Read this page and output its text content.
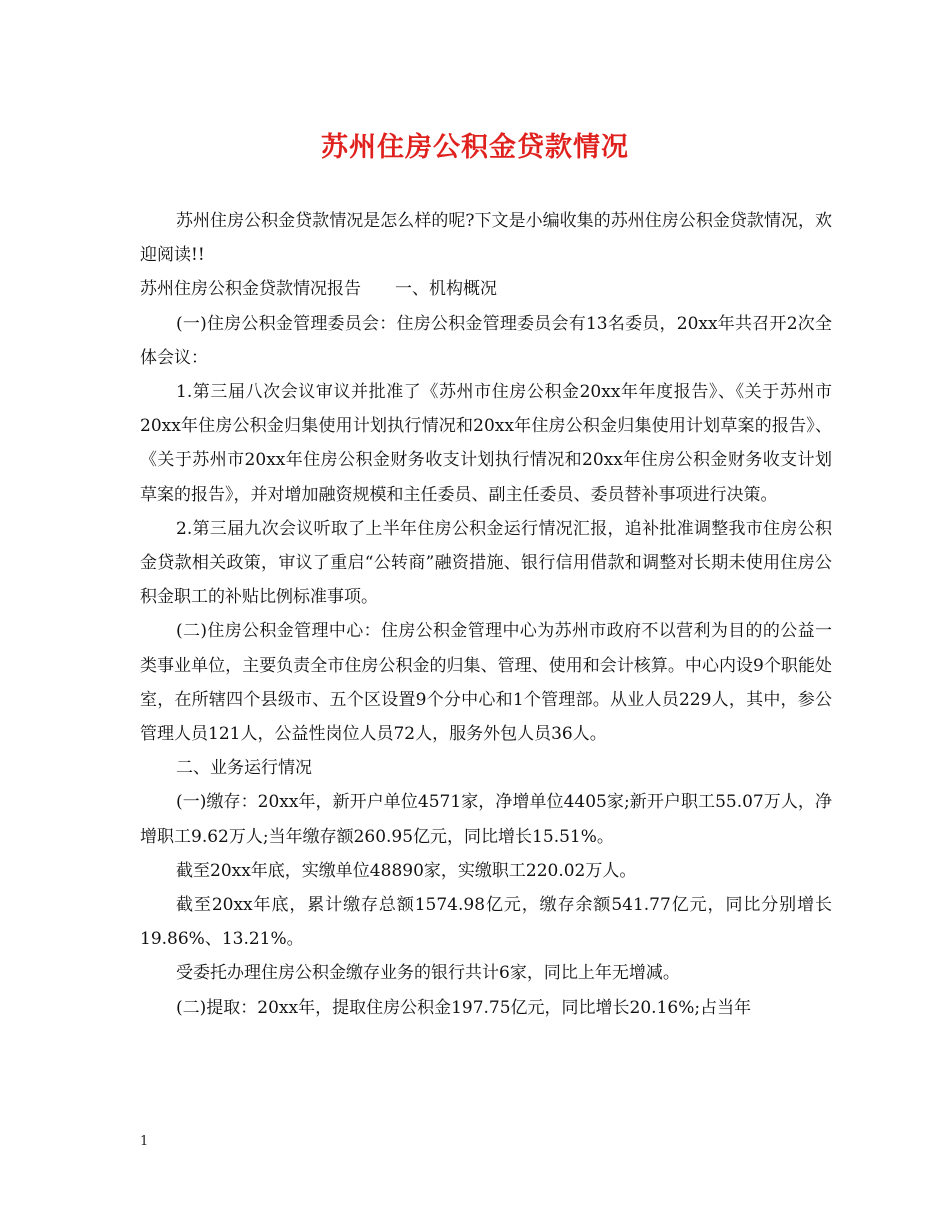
苏州住房公积金贷款情况

苏州住房公积金贷款情况是怎么样的呢?下文是小编收集的苏州住房公积金贷款情况，欢迎阅读!!

苏州住房公积金贷款情况报告　　一、机构概况

(一)住房公积金管理委员会：住房公积金管理委员会有13名委员，20xx年共召开2次全体会议：

1.第三届八次会议审议并批准了《苏州市住房公积金20xx年年度报告》、《关于苏州市20xx年住房公积金归集使用计划执行情况和20xx年住房公积金归集使用计划草案的报告》、《关于苏州市20xx年住房公积金财务收支计划执行情况和20xx年住房公积金财务收支计划草案的报告》，并对增加融资规模和主任委员、副主任委员、委员替补事项进行决策。

2.第三届九次会议听取了上半年住房公积金运行情况汇报，追补批准调整我市住房公积金贷款相关政策，审议了重启“公转商”融资措施、银行信用借款和调整对长期未使用住房公积金职工的补贴比例标准事项。

(二)住房公积金管理中心：住房公积金管理中心为苏州市政府不以营利为目的的公益一类事业单位，主要负责全市住房公积金的归集、管理、使用和会计核算。中心内设9个职能处室，在所辖四个县级市、五个区设置9个分中心和1个管理部。从业人员229人，其中，参公管理人员121人，公益性岗位人员72人，服务外包人员36人。

二、业务运行情况

(一)缴存：20xx年，新开户单位4571家，净增单位4405家;新开户职工55.07万人，净增职工9.62万人;当年缴存额260.95亿元，同比增长15.51%。

截至20xx年底，实缴单位48890家，实缴职工220.02万人。

截至20xx年底，累计缴存总额1574.98亿元，缴存余额541.77亿元，同比分别增长19.86%、13.21%。

受委托办理住房公积金缴存业务的银行共计6家，同比上年无增减。

(二)提取：20xx年，提取住房公积金197.75亿元，同比增长20.16%;占当年

1
